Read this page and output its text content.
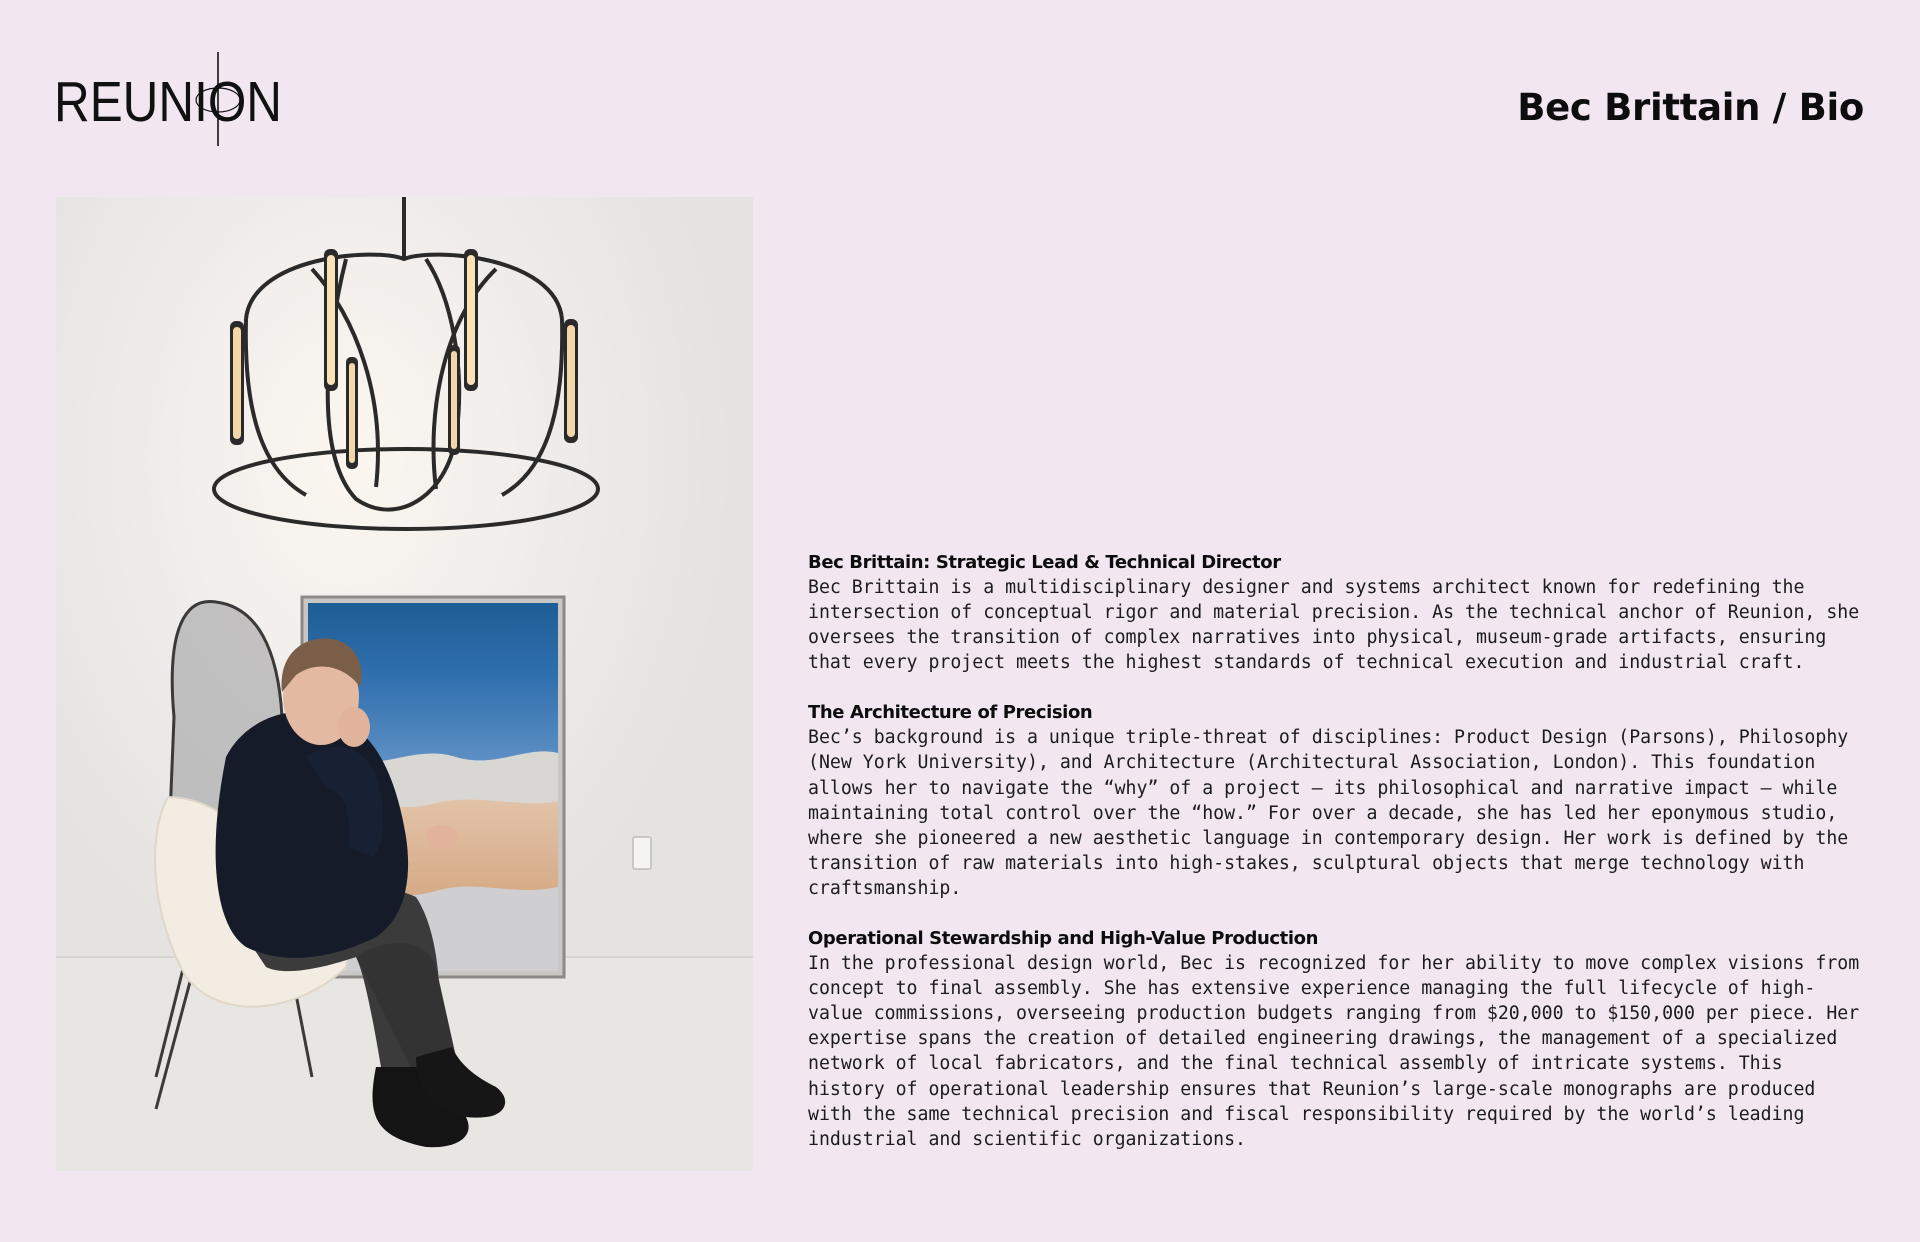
REUNION	Bec Brittain / Bio
Bec Brittain: Strategic Lead & Technical Director

Bec Brittain is a multidisciplinary designer and systems architect known for redefining the intersection of conceptual rigor and material precision. As the technical anchor of Reunion, she oversees the transition of complex narratives into physical, museum-grade artifacts, ensuring that every project meets the highest standards of technical execution and industrial craft.

The Architecture of Precision

Bec’s background is a unique triple-threat of disciplines: Product Design (Parsons), Philosophy (New York University), and Architecture (Architectural Association, London). This foundation allows her to navigate the “why” of a project — its philosophical and narrative impact — while maintaining total control over the “how.” For over a decade, she has led her eponymous studio, where she pioneered a new aesthetic language in contemporary design. Her work is defined by the transition of raw materials into high-stakes, sculptural objects that merge technology with craftsmanship.

Operational Stewardship and High-Value Production

In the professional design world, Bec is recognized for her ability to move complex visions from concept to final assembly. She has extensive experience managing the full lifecycle of high-value commissions, overseeing production budgets ranging from $20,000 to $150,000 per piece. Her expertise spans the creation of detailed engineering drawings, the management of a specialized network of local fabricators, and the final technical assembly of intricate systems. This history of operational leadership ensures that Reunion’s large-scale monographs are produced with the same technical precision and fiscal responsibility required by the world’s leading industrial and scientific organizations.
